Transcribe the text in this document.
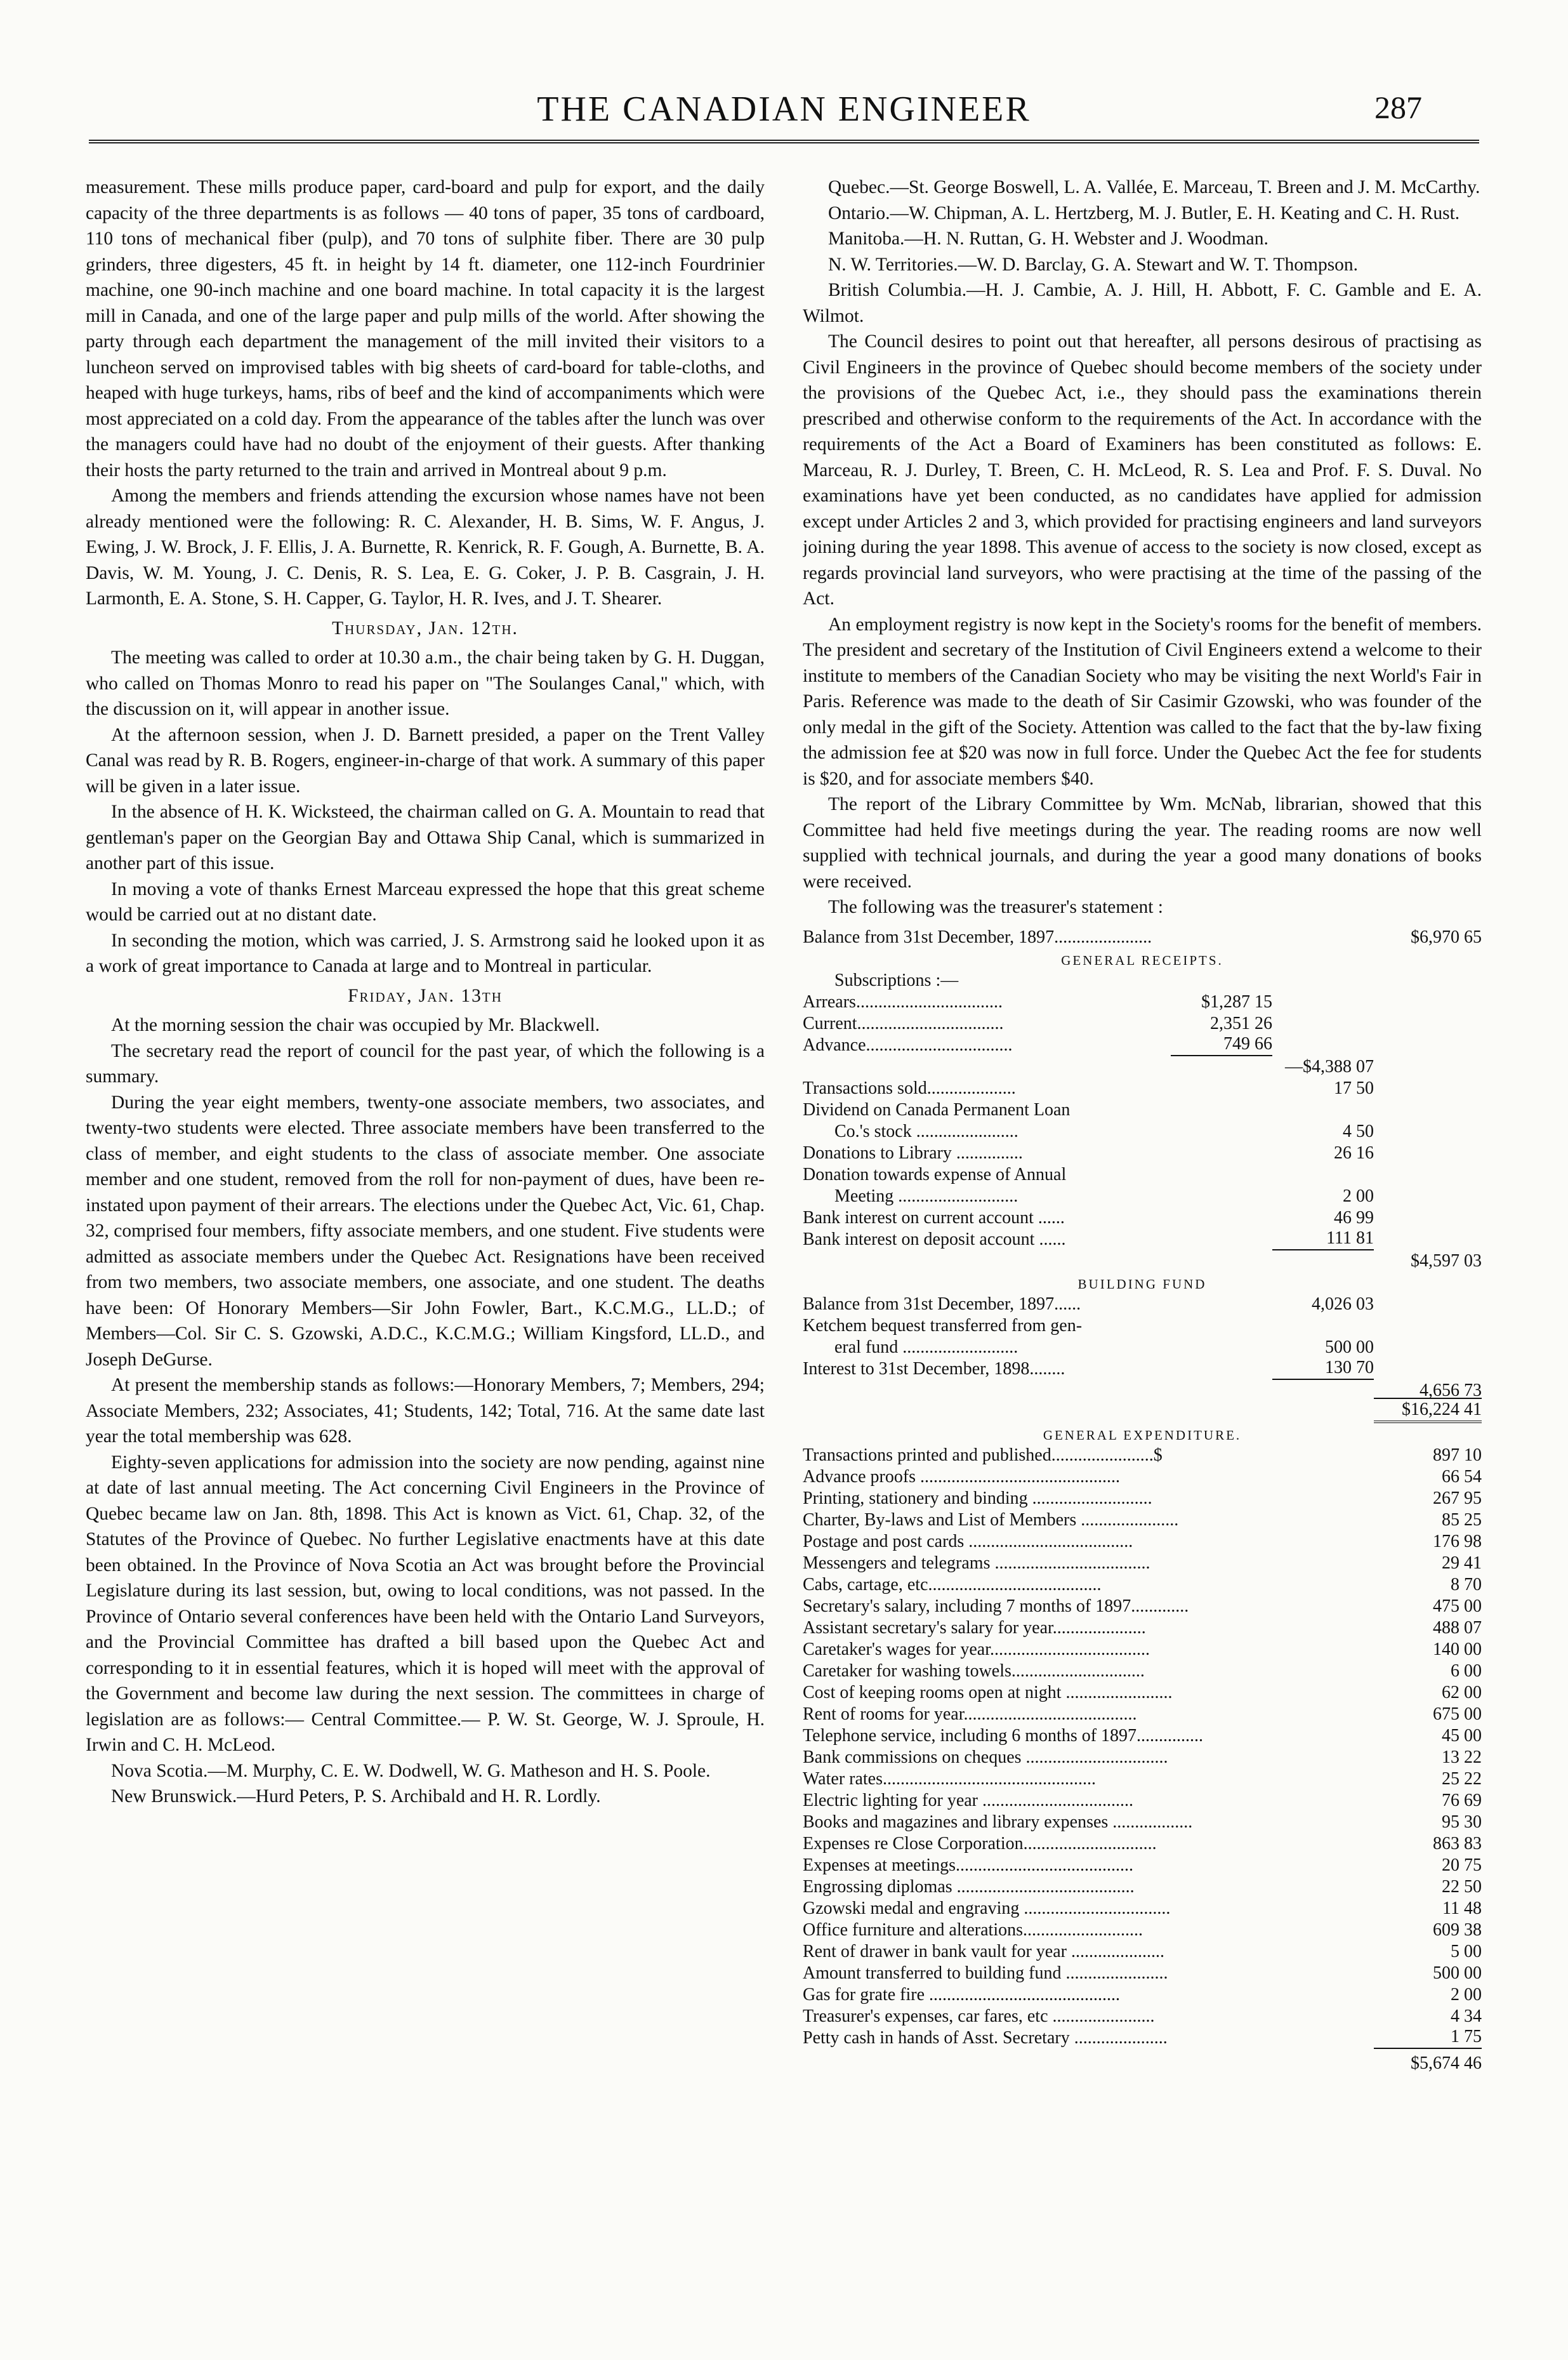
THE CANADIAN ENGINEER	287

measurement. These mills produce paper, card-board and pulp for export, and the daily capacity of the three departments is as follows — 40 tons of paper, 35 tons of cardboard, 110 tons of mechanical fiber (pulp), and 70 tons of sulphite fiber. There are 30 pulp grinders, three digesters, 45 ft. in height by 14 ft. diameter, one 112-inch Fourdrinier machine, one 90-inch machine and one board machine. In total capacity it is the largest mill in Canada, and one of the large paper and pulp mills of the world. After showing the party through each department the management of the mill invited their visitors to a luncheon served on improvised tables with big sheets of card-board for table-cloths, and heaped with huge turkeys, hams, ribs of beef and the kind of accompaniments which were most appreciated on a cold day. From the appearance of the tables after the lunch was over the managers could have had no doubt of the enjoyment of their guests. After thanking their hosts the party returned to the train and arrived in Montreal about 9 p.m.

Among the members and friends attending the excursion whose names have not been already mentioned were the following: R. C. Alexander, H. B. Sims, W. F. Angus, J. Ewing, J. W. Brock, J. F. Ellis, J. A. Burnette, R. Kenrick, R. F. Gough, A. Burnette, B. A. Davis, W. M. Young, J. C. Denis, R. S. Lea, E. G. Coker, J. P. B. Casgrain, J. H. Larmonth, E. A. Stone, S. H. Capper, G. Taylor, H. R. Ives, and J. T. Shearer.

Thursday, Jan. 12th.

The meeting was called to order at 10.30 a.m., the chair being taken by G. H. Duggan, who called on Thomas Monro to read his paper on "The Soulanges Canal," which, with the discussion on it, will appear in another issue.

At the afternoon session, when J. D. Barnett presided, a paper on the Trent Valley Canal was read by R. B. Rogers, engineer-in-charge of that work. A summary of this paper will be given in a later issue.

In the absence of H. K. Wicksteed, the chairman called on G. A. Mountain to read that gentleman's paper on the Georgian Bay and Ottawa Ship Canal, which is summarized in another part of this issue.

In moving a vote of thanks Ernest Marceau expressed the hope that this great scheme would be carried out at no distant date.

In seconding the motion, which was carried, J. S. Armstrong said he looked upon it as a work of great importance to Canada at large and to Montreal in particular.

Friday, Jan. 13th

At the morning session the chair was occupied by Mr. Blackwell.

The secretary read the report of council for the past year, of which the following is a summary.

During the year eight members, twenty-one associate members, two associates, and twenty-two students were elected. Three associate members have been transferred to the class of member, and eight students to the class of associate member. One associate member and one student, removed from the roll for non-payment of dues, have been re-instated upon payment of their arrears. The elections under the Quebec Act, Vic. 61, Chap. 32, comprised four members, fifty associate members, and one student. Five students were admitted as associate members under the Quebec Act. Resignations have been received from two members, two associate members, one associate, and one student. The deaths have been: Of Honorary Members—Sir John Fowler, Bart., K.C.M.G., LL.D.; of Members—Col. Sir C. S. Gzowski, A.D.C., K.C.M.G.; William Kingsford, LL.D., and Joseph DeGurse.

At present the membership stands as follows:—Honorary Members, 7; Members, 294; Associate Members, 232; Associates, 41; Students, 142; Total, 716. At the same date last year the total membership was 628.

Eighty-seven applications for admission into the society are now pending, against nine at date of last annual meeting. The Act concerning Civil Engineers in the Province of Quebec became law on Jan. 8th, 1898. This Act is known as Vict. 61, Chap. 32, of the Statutes of the Province of Quebec. No further Legislative enactments have at this date been obtained. In the Province of Nova Scotia an Act was brought before the Provincial Legislature during its last session, but, owing to local conditions, was not passed. In the Province of Ontario several conferences have been held with the Ontario Land Surveyors, and the Provincial Committee has drafted a bill based upon the Quebec Act and corresponding to it in essential features, which it is hoped will meet with the approval of the Government and become law during the next session. The committees in charge of legislation are as follows:— Central Committee.— P. W. St. George, W. J. Sproule, H. Irwin and C. H. McLeod.

Nova Scotia.—M. Murphy, C. E. W. Dodwell, W. G. Matheson and H. S. Poole.

New Brunswick.—Hurd Peters, P. S. Archibald and H. R. Lordly.

Quebec.—St. George Boswell, L. A. Vallée, E. Marceau, T. Breen and J. M. McCarthy.

Ontario.—W. Chipman, A. L. Hertzberg, M. J. Butler, E. H. Keating and C. H. Rust.

Manitoba.—H. N. Ruttan, G. H. Webster and J. Woodman.

N. W. Territories.—W. D. Barclay, G. A. Stewart and W. T. Thompson.

British Columbia.—H. J. Cambie, A. J. Hill, H. Abbott, F. C. Gamble and E. A. Wilmot.

The Council desires to point out that hereafter, all persons desirous of practising as Civil Engineers in the province of Quebec should become members of the society under the provisions of the Quebec Act, i.e., they should pass the examinations therein prescribed and otherwise conform to the requirements of the Act. In accordance with the requirements of the Act a Board of Examiners has been constituted as follows: E. Marceau, R. J. Durley, T. Breen, C. H. McLeod, R. S. Lea and Prof. F. S. Duval. No examinations have yet been conducted, as no candidates have applied for admission except under Articles 2 and 3, which provided for practising engineers and land surveyors joining during the year 1898. This avenue of access to the society is now closed, except as regards provincial land surveyors, who were practising at the time of the passing of the Act.

An employment registry is now kept in the Society's rooms for the benefit of members. The president and secretary of the Institution of Civil Engineers extend a welcome to their institute to members of the Canadian Society who may be visiting the next World's Fair in Paris. Reference was made to the death of Sir Casimir Gzowski, who was founder of the only medal in the gift of the Society. Attention was called to the fact that the by-law fixing the admission fee at $20 was now in full force. Under the Quebec Act the fee for students is $20, and for associate members $40.

The report of the Library Committee by Wm. McNab, librarian, showed that this Committee had held five meetings during the year. The reading rooms are now well supplied with technical journals, and during the year a good many donations of books were received.

The following was the treasurer's statement :

Balance from 31st December, 1897......................	$6,970 65
GENERAL RECEIPTS.
Subscriptions :—
Arrears.................................	$1,287 15
Current.................................	2,351 26
Advance.................................	749 66
—$4,388 07
Transactions sold....................	17 50
Dividend on Canada Permanent Loan
Co.'s stock .......................	4 50
Donations to Library ...............	26 16
Donation towards expense of Annual
Meeting ...........................	2 00
Bank interest on current account ......	46 99
Bank interest on deposit account ......	111 81
$4,597 03
BUILDING FUND
Balance from 31st December, 1897......	4,026 03
Ketchem bequest transferred from gen-
eral fund ..........................	500 00
Interest to 31st December, 1898........	130 70
4,656 73
$16,224 41
GENERAL EXPENDITURE.
Transactions printed and published.......................$	897 10
Advance proofs .............................................	66 54
Printing, stationery and binding ...........................	267 95
Charter, By-laws and List of Members ......................	85 25
Postage and post cards .....................................	176 98
Messengers and telegrams ...................................	29 41
Cabs, cartage, etc.......................................	8 70
Secretary's salary, including 7 months of 1897.............	475 00
Assistant secretary's salary for year.....................	488 07
Caretaker's wages for year....................................	140 00
Caretaker for washing towels..............................	6 00
Cost of keeping rooms open at night ........................	62 00
Rent of rooms for year.......................................	675 00
Telephone service, including 6 months of 1897...............	45 00
Bank commissions on cheques ................................	13 22
Water rates................................................	25 22
Electric lighting for year ..................................	76 69
Books and magazines and library expenses ..................	95 30
Expenses re Close Corporation..............................	863 83
Expenses at meetings........................................	20 75
Engrossing diplomas ........................................	22 50
Gzowski medal and engraving .................................	11 48
Office furniture and alterations...........................	609 38
Rent of drawer in bank vault for year .....................	5 00
Amount transferred to building fund .......................	500 00
Gas for grate fire ...........................................	2 00
Treasurer's expenses, car fares, etc .......................	4 34
Petty cash in hands of Asst. Secretary .....................	1 75
$5,674 46
